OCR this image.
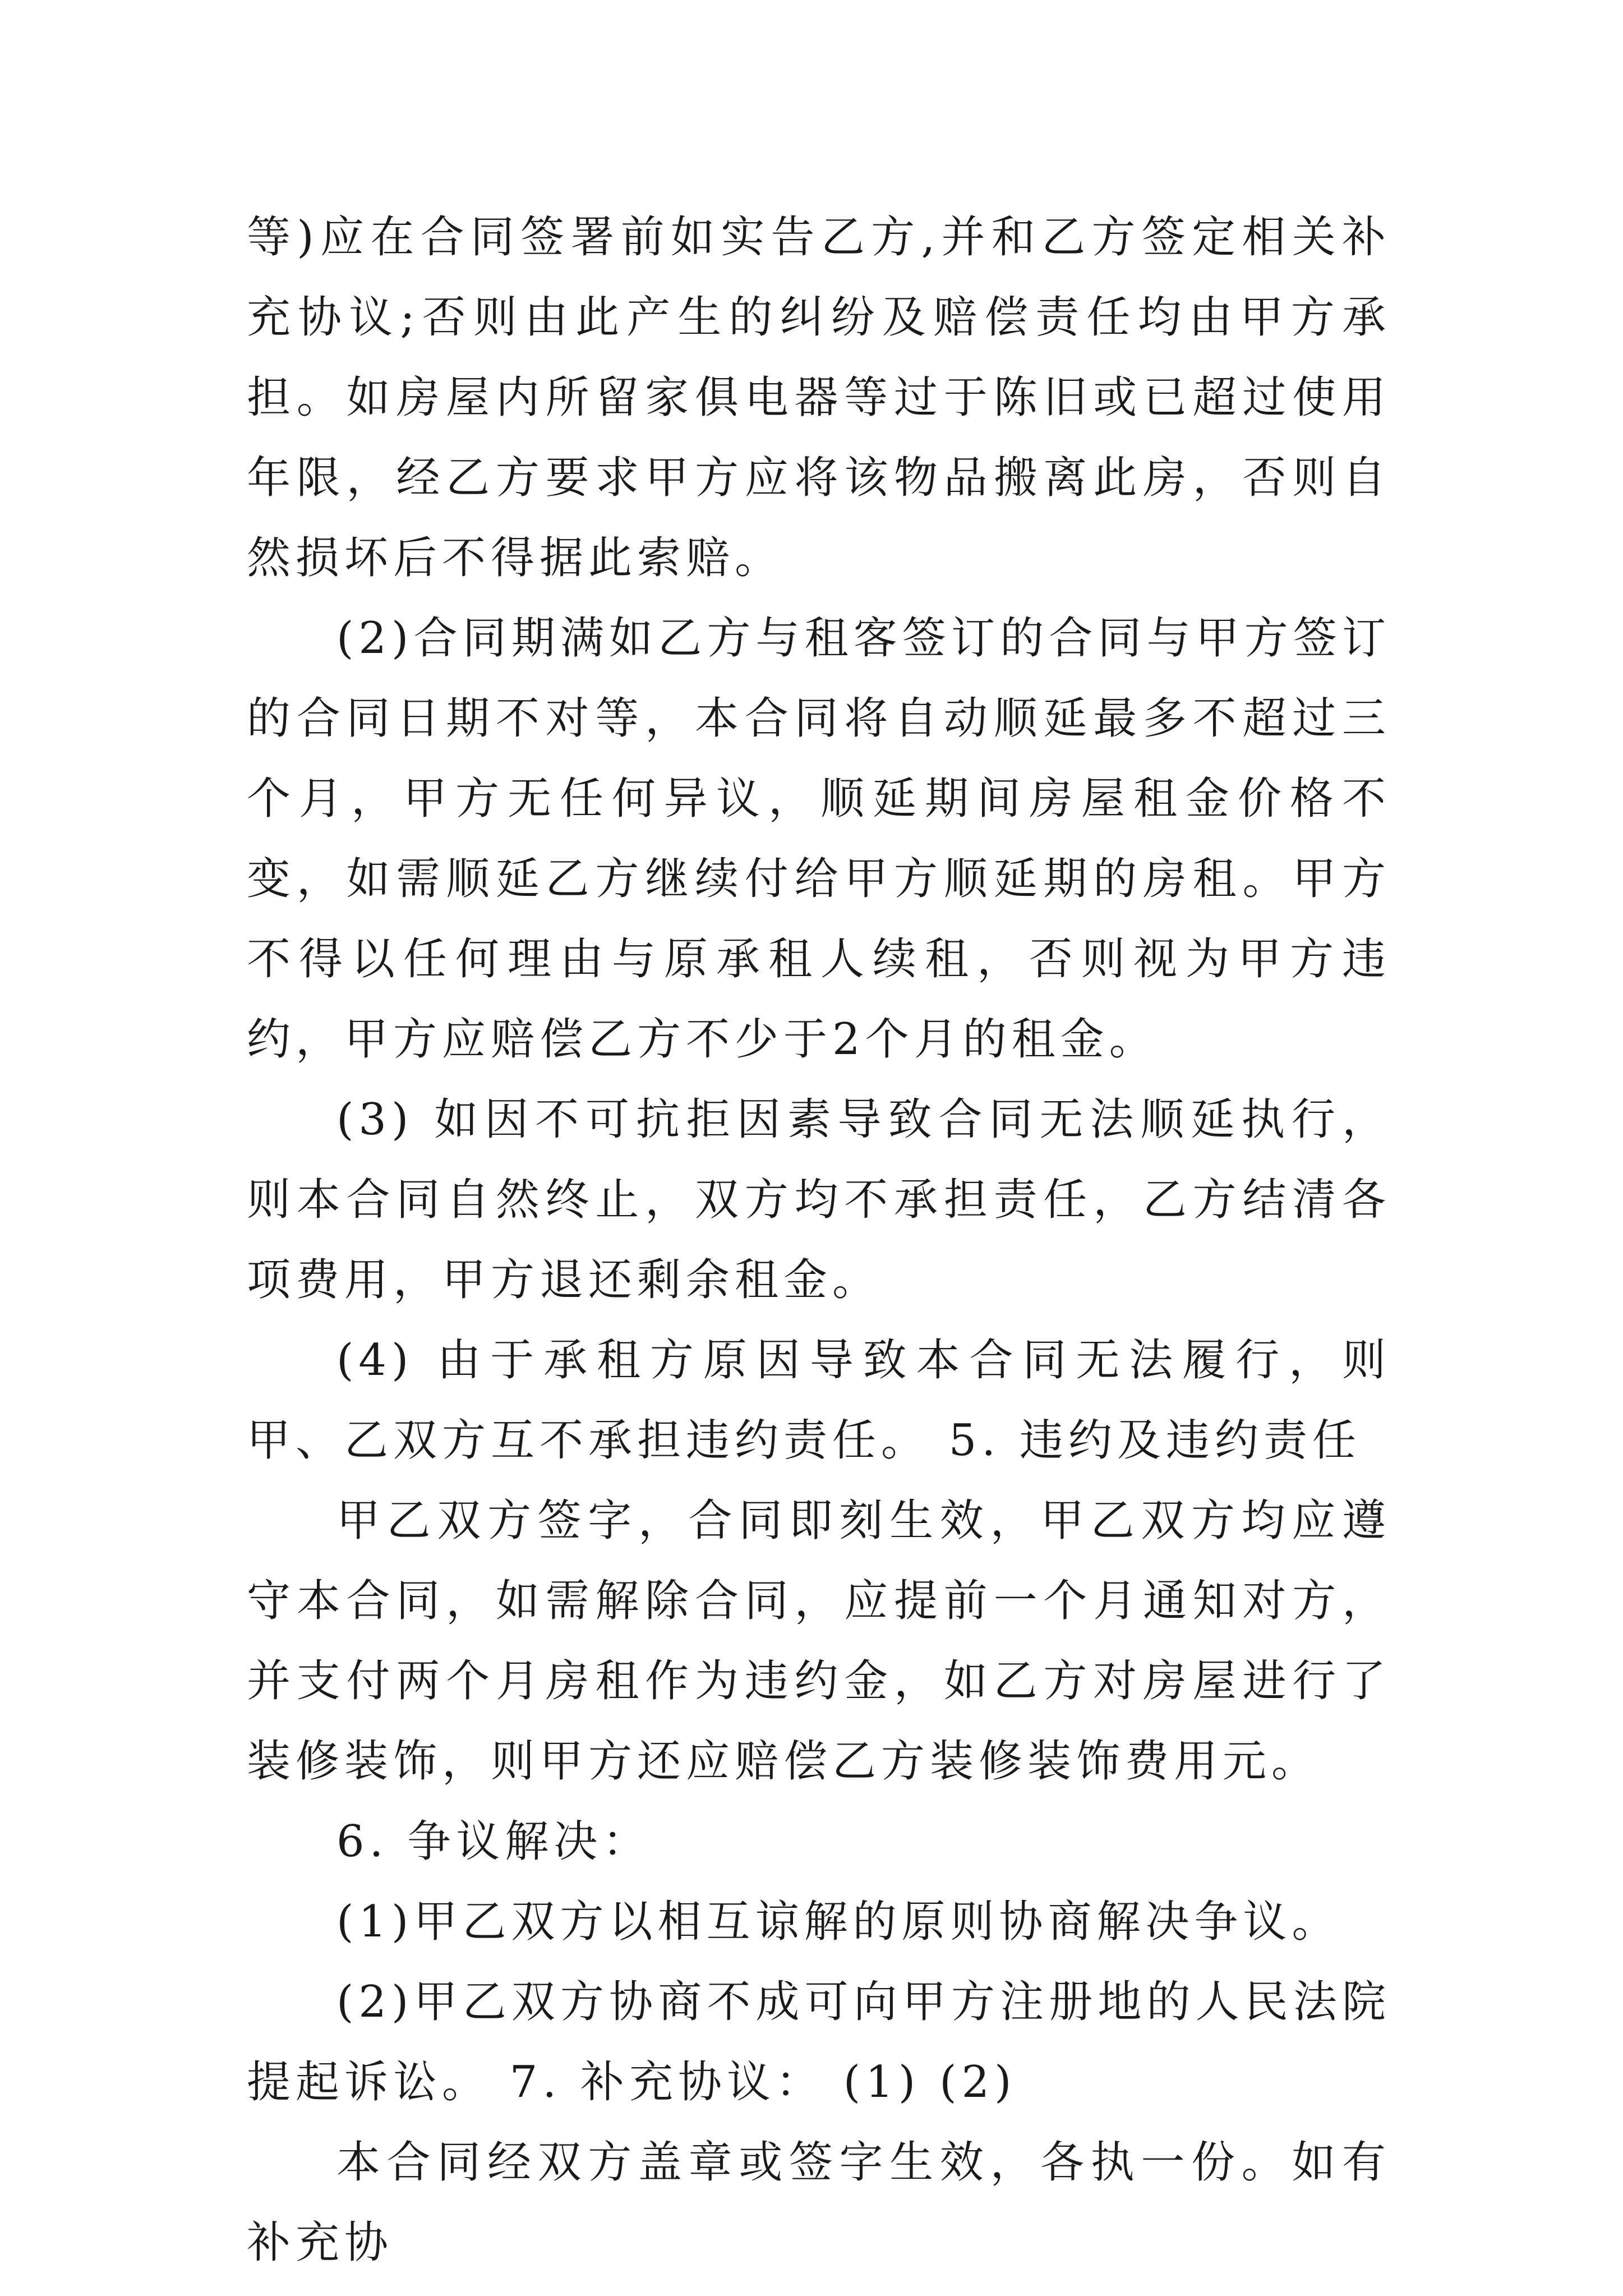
等)应在合同签署前如实告乙方,并和乙方签定相关补充协议;否则由此产生的纠纷及赔偿责任均由甲方承担。如房屋内所留家俱电器等过于陈旧或已超过使用年限，经乙方要求甲方应将该物品搬离此房，否则自然损坏后不得据此索赔。

(2)合同期满如乙方与租客签订的合同与甲方签订的合同日期不对等，本合同将自动顺延最多不超过三个月，甲方无任何异议，顺延期间房屋租金价格不变，如需顺延乙方继续付给甲方顺延期的房租。甲方不得以任何理由与原承租人续租，否则视为甲方违约，甲方应赔偿乙方不少于2个月的租金。

(3) 如因不可抗拒因素导致合同无法顺延执行，则本合同自然终止，双方均不承担责任，乙方结清各项费用，甲方退还剩余租金。

(4) 由于承租方原因导致本合同无法履行，则甲、乙双方互不承担违约责任。 5. 违约及违约责任

甲乙双方签字，合同即刻生效，甲乙双方均应遵守本合同，如需解除合同，应提前一个月通知对方，并支付两个月房租作为违约金，如乙方对房屋进行了装修装饰，则甲方还应赔偿乙方装修装饰费用元。

6. 争议解决：

(1)甲乙双方以相互谅解的原则协商解决争议。

(2)甲乙双方协商不成可向甲方注册地的人民法院提起诉讼。 7. 补充协议： (1) (2)

本合同经双方盖章或签字生效，各执一份。如有补充协
